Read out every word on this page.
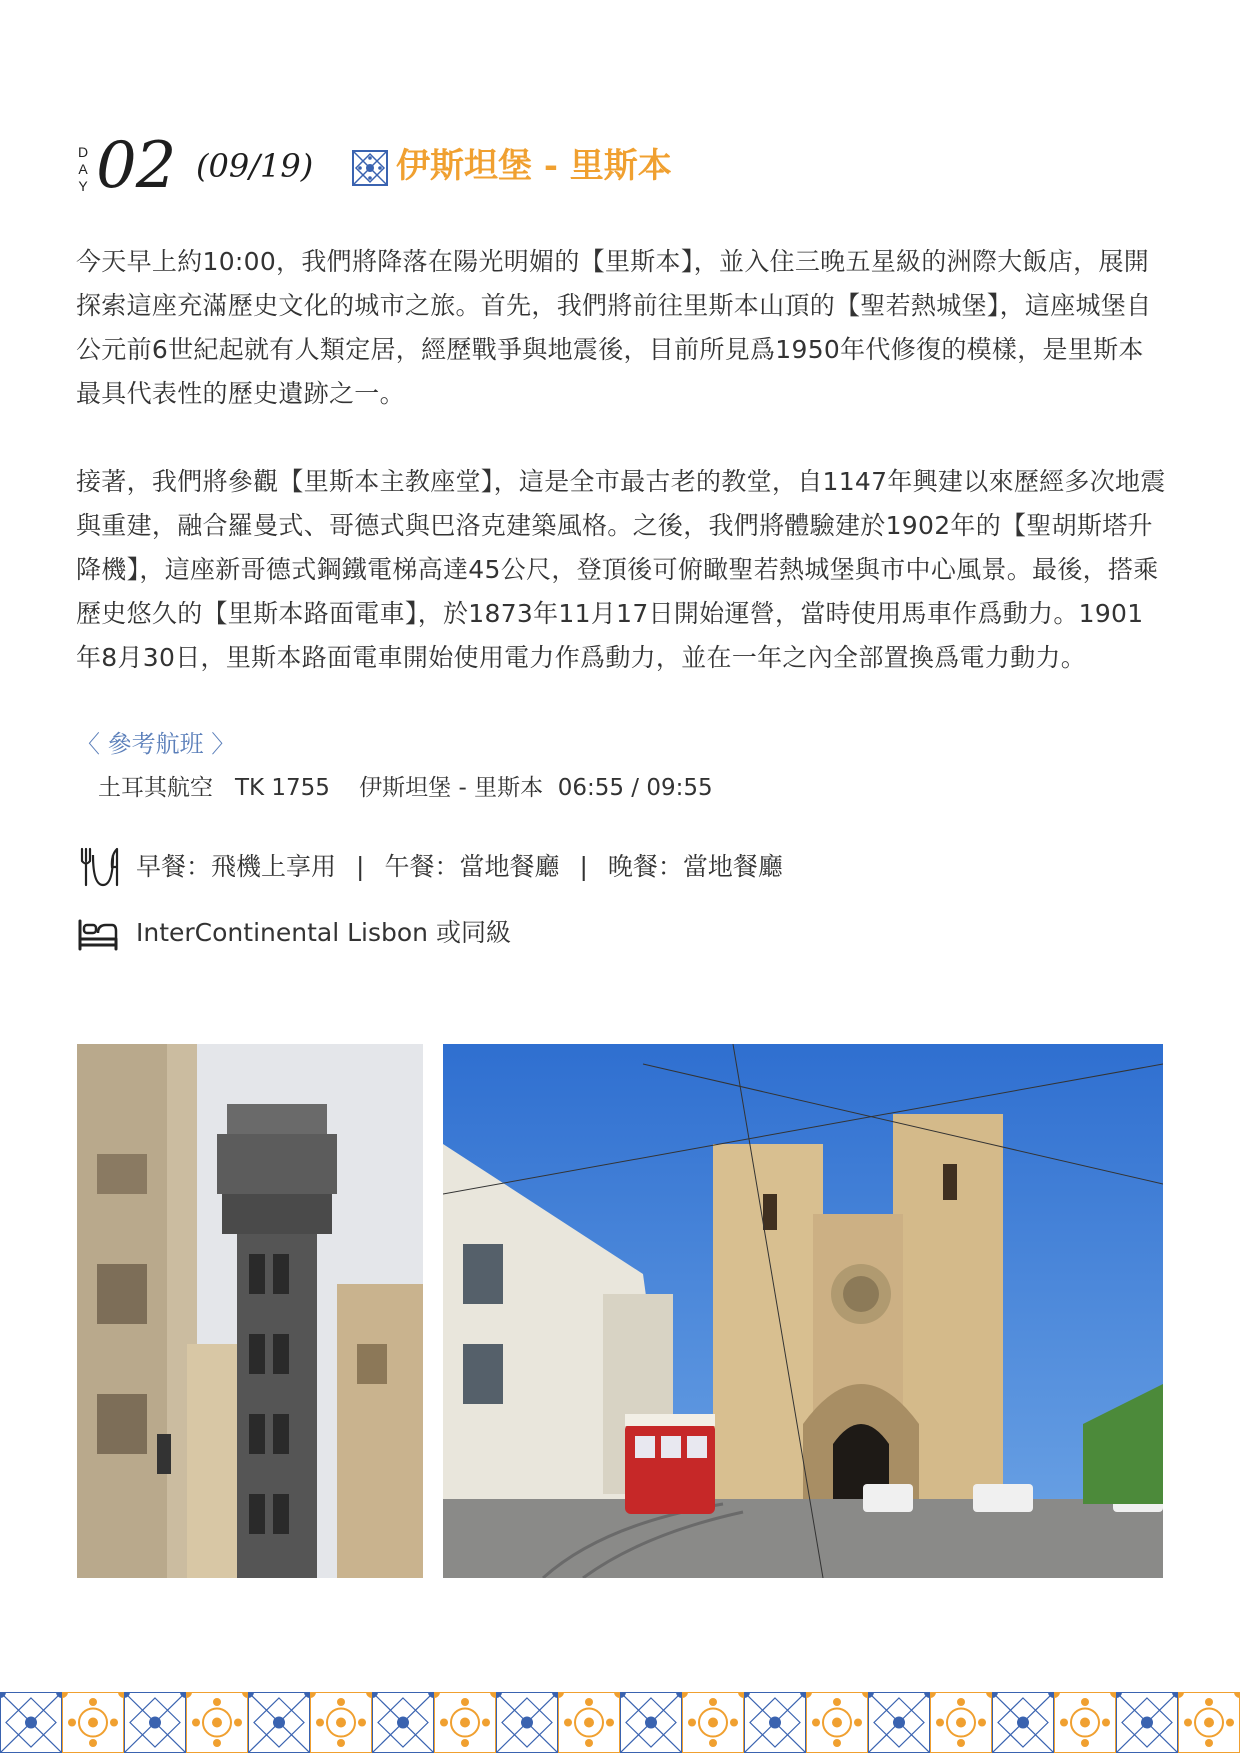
D
A
Y 02 (09/19) 伊斯坦堡 - 里斯本

今天早上約10:00，我們將降落在陽光明媚的【里斯本】，並入住三晚五星級的洲際大飯店，展開探索這座充滿歷史文化的城市之旅。首先，我們將前往里斯本山頂的【聖若熱城堡】，這座城堡自公元前6世紀起就有人類定居，經歷戰爭與地震後，目前所見爲1950年代修復的模樣，是里斯本最具代表性的歷史遺跡之一。

接著，我們將參觀【里斯本主教座堂】，這是全市最古老的教堂，自1147年興建以來歷經多次地震與重建，融合羅曼式、哥德式與巴洛克建築風格。之後，我們將體驗建於1902年的【聖胡斯塔升降機】，這座新哥德式鋼鐵電梯高達45公尺，登頂後可俯瞰聖若熱城堡與市中心風景。最後，搭乘歷史悠久的【里斯本路面電車】，於1873年11月17日開始運營，當時使用馬車作爲動力。1901年8月30日，里斯本路面電車開始使用電力作爲動力，並在一年之內全部置換爲電力動力。

〈 參考航班 〉
土耳其航空 TK 1755 伊斯坦堡 - 里斯本 06:55 / 09:55
早餐：飛機上享用 | 午餐：當地餐廳 | 晚餐：當地餐廳
InterContinental Lisbon 或同級
